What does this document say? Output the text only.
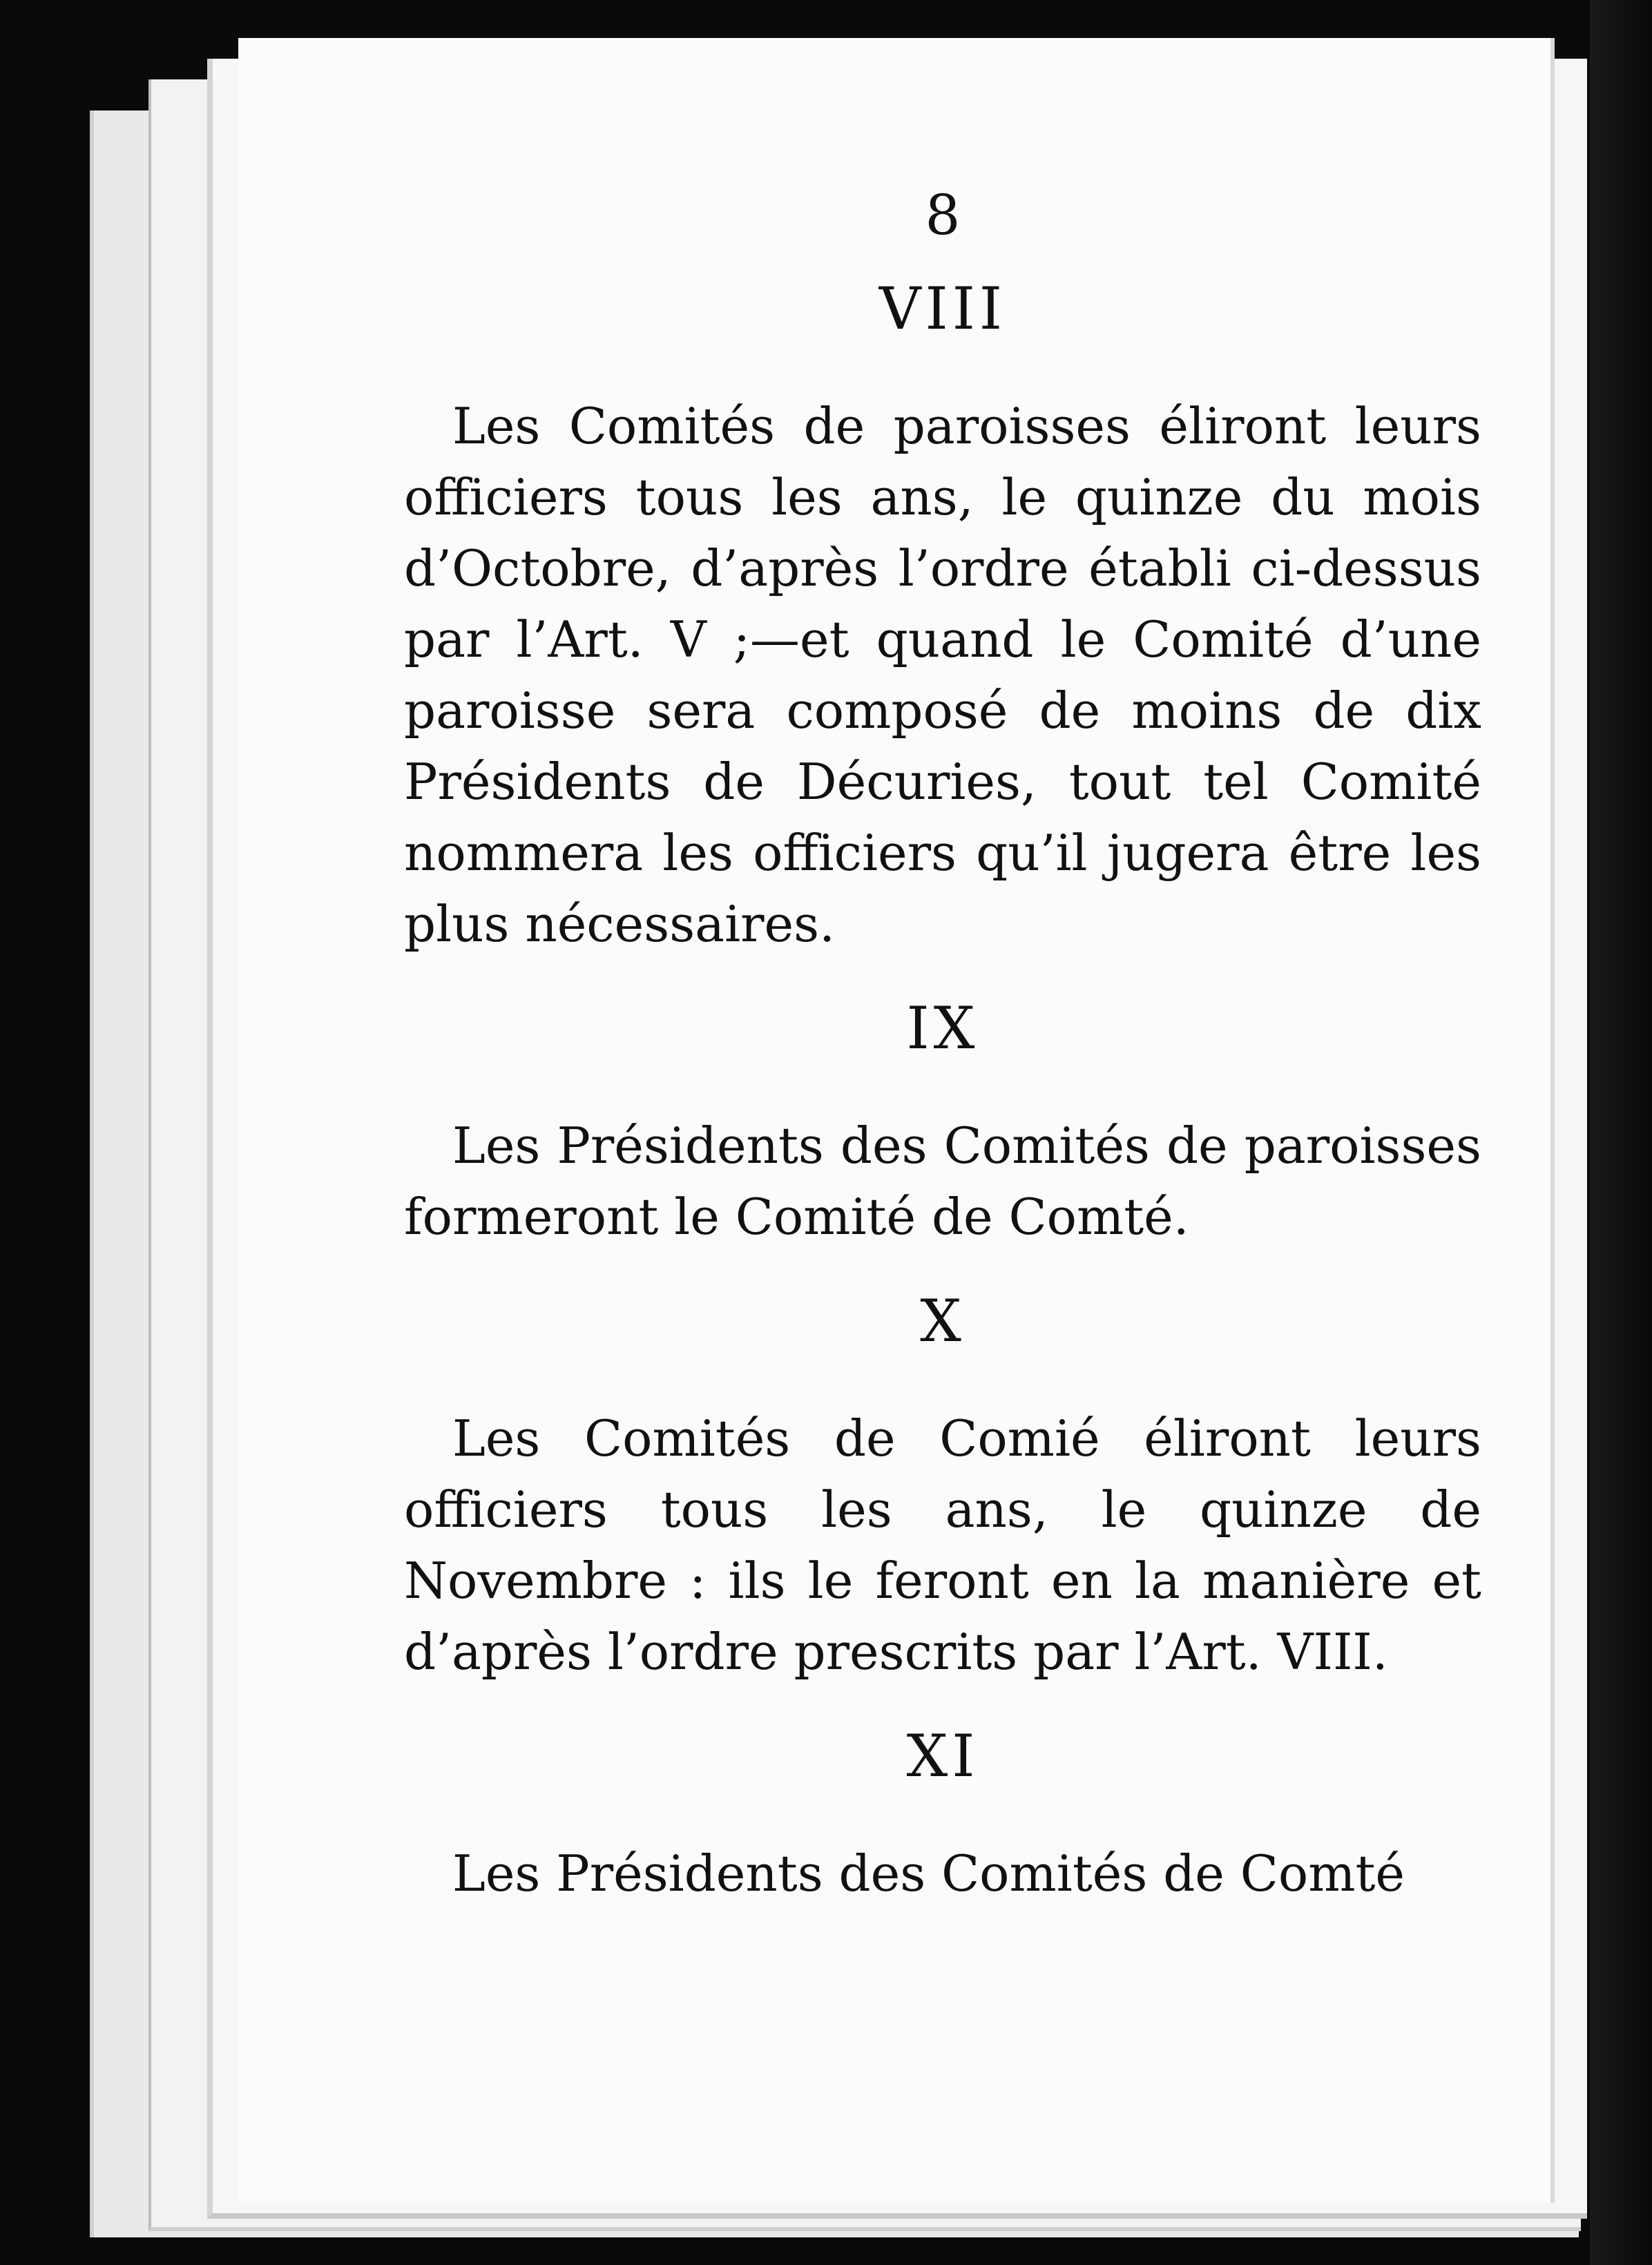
8
VIII

Les Comités de paroisses éliront leurs officiers tous les ans, le quinze du mois d’Octobre, d’après l’ordre établi ci-dessus par l’Art. V ;—et quand le Comité d’une paroisse sera composé de moins de dix Présidents de Décuries, tout tel Comité nommera les officiers qu’il jugera être les plus nécessaires.

IX

Les Présidents des Comités de paroisses formeront le Comité de Comté.

X

Les Comités de Comié éliront leurs officiers tous les ans, le quinze de Novembre : ils le feront en la manière et d’après l’ordre prescrits par l’Art. VIII.

XI

Les Présidents des Comités de Comté
